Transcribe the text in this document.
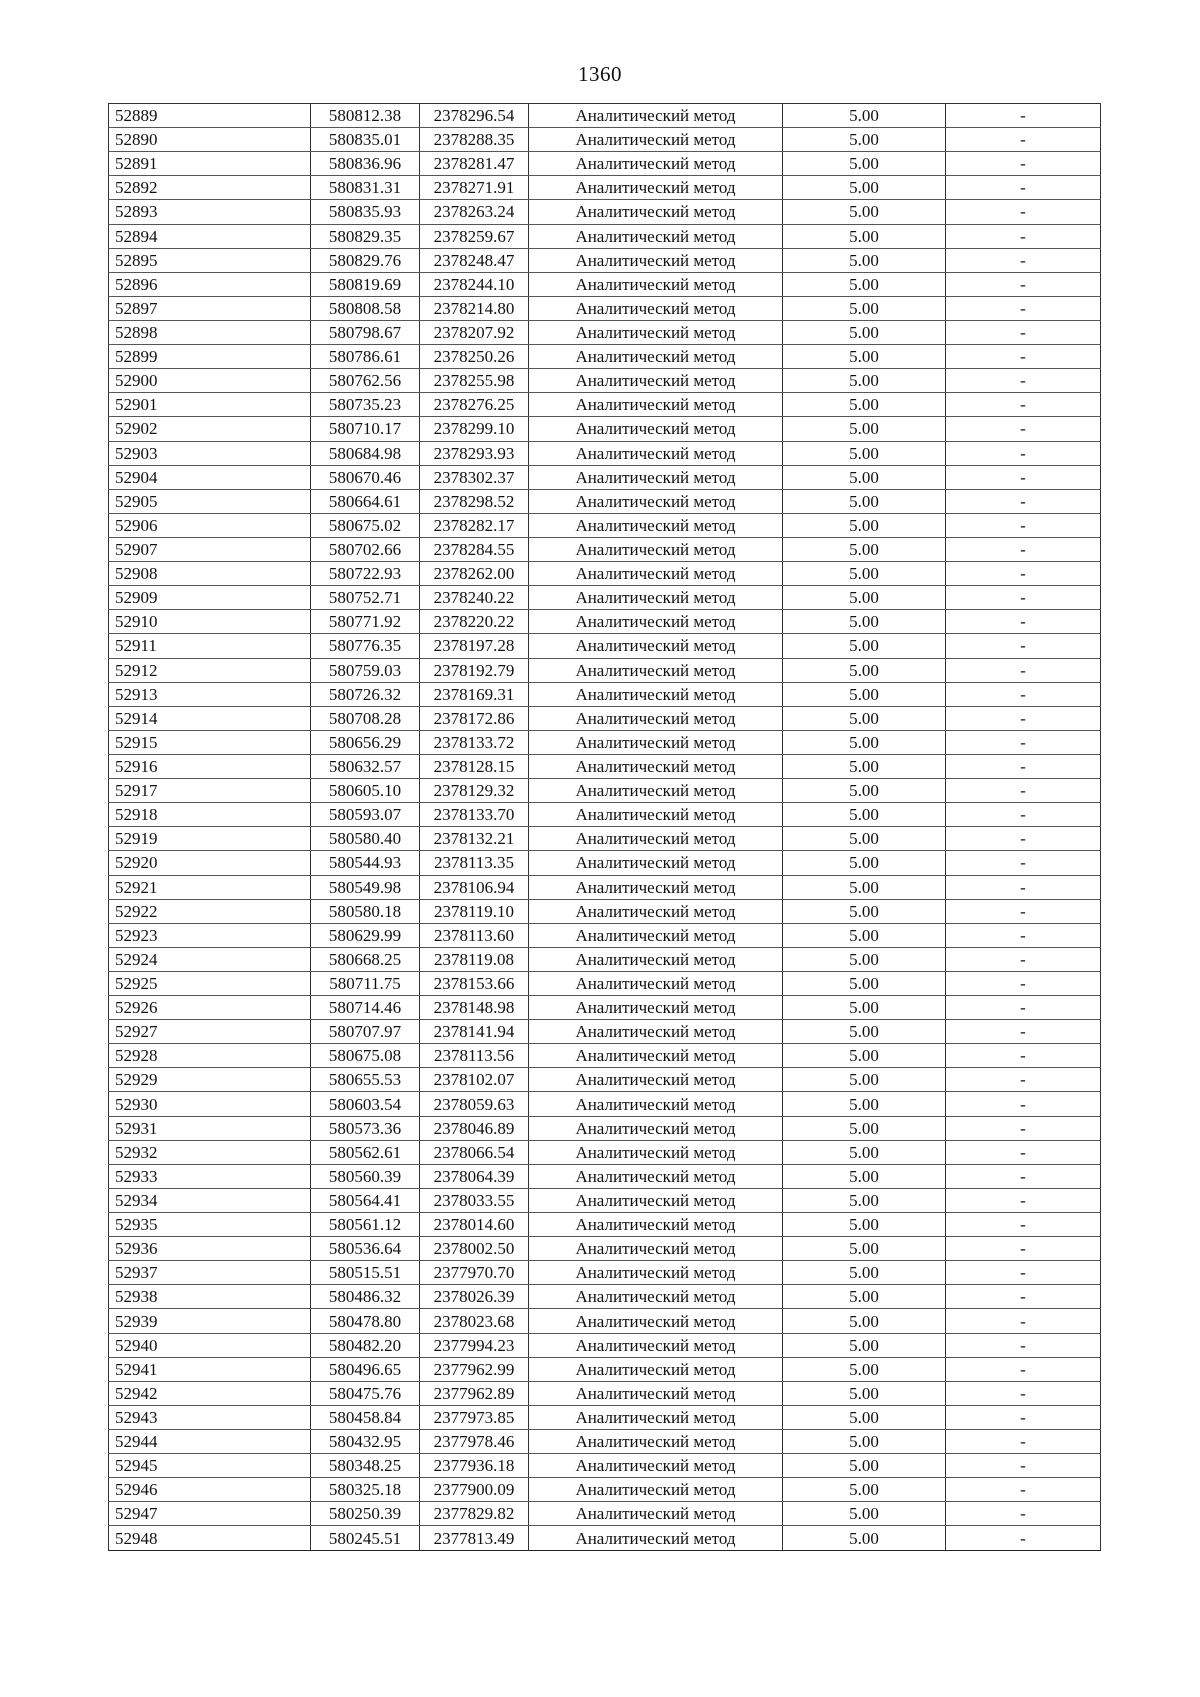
1360
52889	580812.38	2378296.54	Аналитический метод	5.00	-
52890	580835.01	2378288.35	Аналитический метод	5.00	-
52891	580836.96	2378281.47	Аналитический метод	5.00	-
52892	580831.31	2378271.91	Аналитический метод	5.00	-
52893	580835.93	2378263.24	Аналитический метод	5.00	-
52894	580829.35	2378259.67	Аналитический метод	5.00	-
52895	580829.76	2378248.47	Аналитический метод	5.00	-
52896	580819.69	2378244.10	Аналитический метод	5.00	-
52897	580808.58	2378214.80	Аналитический метод	5.00	-
52898	580798.67	2378207.92	Аналитический метод	5.00	-
52899	580786.61	2378250.26	Аналитический метод	5.00	-
52900	580762.56	2378255.98	Аналитический метод	5.00	-
52901	580735.23	2378276.25	Аналитический метод	5.00	-
52902	580710.17	2378299.10	Аналитический метод	5.00	-
52903	580684.98	2378293.93	Аналитический метод	5.00	-
52904	580670.46	2378302.37	Аналитический метод	5.00	-
52905	580664.61	2378298.52	Аналитический метод	5.00	-
52906	580675.02	2378282.17	Аналитический метод	5.00	-
52907	580702.66	2378284.55	Аналитический метод	5.00	-
52908	580722.93	2378262.00	Аналитический метод	5.00	-
52909	580752.71	2378240.22	Аналитический метод	5.00	-
52910	580771.92	2378220.22	Аналитический метод	5.00	-
52911	580776.35	2378197.28	Аналитический метод	5.00	-
52912	580759.03	2378192.79	Аналитический метод	5.00	-
52913	580726.32	2378169.31	Аналитический метод	5.00	-
52914	580708.28	2378172.86	Аналитический метод	5.00	-
52915	580656.29	2378133.72	Аналитический метод	5.00	-
52916	580632.57	2378128.15	Аналитический метод	5.00	-
52917	580605.10	2378129.32	Аналитический метод	5.00	-
52918	580593.07	2378133.70	Аналитический метод	5.00	-
52919	580580.40	2378132.21	Аналитический метод	5.00	-
52920	580544.93	2378113.35	Аналитический метод	5.00	-
52921	580549.98	2378106.94	Аналитический метод	5.00	-
52922	580580.18	2378119.10	Аналитический метод	5.00	-
52923	580629.99	2378113.60	Аналитический метод	5.00	-
52924	580668.25	2378119.08	Аналитический метод	5.00	-
52925	580711.75	2378153.66	Аналитический метод	5.00	-
52926	580714.46	2378148.98	Аналитический метод	5.00	-
52927	580707.97	2378141.94	Аналитический метод	5.00	-
52928	580675.08	2378113.56	Аналитический метод	5.00	-
52929	580655.53	2378102.07	Аналитический метод	5.00	-
52930	580603.54	2378059.63	Аналитический метод	5.00	-
52931	580573.36	2378046.89	Аналитический метод	5.00	-
52932	580562.61	2378066.54	Аналитический метод	5.00	-
52933	580560.39	2378064.39	Аналитический метод	5.00	-
52934	580564.41	2378033.55	Аналитический метод	5.00	-
52935	580561.12	2378014.60	Аналитический метод	5.00	-
52936	580536.64	2378002.50	Аналитический метод	5.00	-
52937	580515.51	2377970.70	Аналитический метод	5.00	-
52938	580486.32	2378026.39	Аналитический метод	5.00	-
52939	580478.80	2378023.68	Аналитический метод	5.00	-
52940	580482.20	2377994.23	Аналитический метод	5.00	-
52941	580496.65	2377962.99	Аналитический метод	5.00	-
52942	580475.76	2377962.89	Аналитический метод	5.00	-
52943	580458.84	2377973.85	Аналитический метод	5.00	-
52944	580432.95	2377978.46	Аналитический метод	5.00	-
52945	580348.25	2377936.18	Аналитический метод	5.00	-
52946	580325.18	2377900.09	Аналитический метод	5.00	-
52947	580250.39	2377829.82	Аналитический метод	5.00	-
52948	580245.51	2377813.49	Аналитический метод	5.00	-
